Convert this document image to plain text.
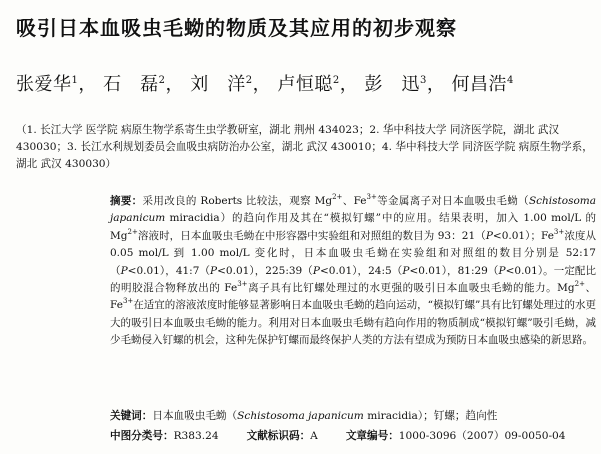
吸引日本血吸虫毛蚴的物质及其应用的初步观察
张爱华$^1$， 石　磊$^2$， 刘　洋$^2$， 卢恒聪$^2$， 彭　迅$^3$， 何昌浩$^4$
（1. 长江大学 医学院 病原生物学系寄生虫学教研室，湖北 荆州 434023；2. 华中科技大学 同济医学院，湖北 武汉 430030；3. 长江水利规划委员会血吸虫病防治办公室，湖北 武汉 430010；4. 华中科技大学 同济医学院 病原生物学系，湖北 武汉 430030）
摘要：采用改良的 Roberts 比较法，观察 $Mg^{2+}$、$Fe^{3+}$等金属离子对日本血吸虫毛蚴（Schistosoma japanicum miracidia）的趋向作用及其在“模拟钉螺”中的应用。结果表明，加入 1.00 mol/L 的 $Mg^{2+}$溶液时，日本血吸虫毛蚴在中形容器中实验组和对照组的数目为 93：21（P<0.01）；$Fe^{3+}$浓度从 0.05 mol/L 到 1.00 mol/L 变化时，日本血吸虫毛蚴在实验组和对照组的数目分别是 52:17（P<0.01），41:7（P<0.01），225:39（P<0.01），24:5（P<0.01），81:29（P<0.01）。一定配比的明胶混合物释放出的 $Fe^{3+}$离子具有比钉螺处理过的水更强的吸引日本血吸虫毛蚴的能力。$Mg^{2+}$、$Fe^{3+}$在适宜的溶液浓度时能够显著影响日本血吸虫毛蚴的趋向运动，“模拟钉螺”具有比钉螺处理过的水更大的吸引日本血吸虫毛蚴的能力。利用对日本血吸虫毛蚴有趋向作用的物质制成“模拟钉螺”吸引毛蚴，减少毛蚴侵入钉螺的机会，这种先保护钉螺而最终保护人类的方法有望成为预防日本血吸虫感染的新思路。
关键词：日本血吸虫毛蚴（Schistosoma japanicum miracidia）；钉螺；趋向性
中图分类号：R383.24	文献标识码：A	文章编号：1000-3096（2007）09-0050-04
